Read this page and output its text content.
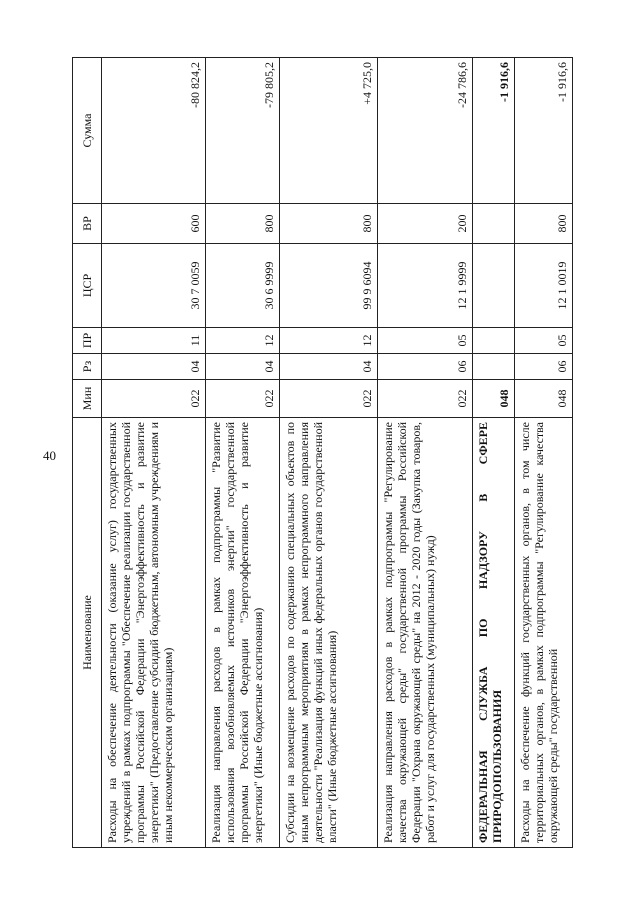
40
Наименование	Мин	Рз	ПР	ЦСР	ВР	Сумма
Расходы на обеспечение деятельности (оказание услуг) государственных учреждений в рамках подпрограммы "Обеспечение реализации государственной программы Российской Федерации "Энергоэффективность и развитие энергетики" (Предоставление субсидий бюджетным, автономным учреждениям и иным некоммерческим организациям)	022	04	11	30 7 0059	600	-80 824,2
Реализация направления расходов в рамках подпрограммы "Развитие использования возобновляемых источников энергии" государственной программы Российской Федерации "Энергоэффективность и развитие энергетики" (Иные бюджетные ассигнования)	022	04	12	30 6 9999	800	-79 805,2
Субсидии на возмещение расходов по содержанию специальных объектов по иным непрограммным мероприятиям в рамках непрограммного направления деятельности "Реализация функций иных федеральных органов государственной власти" (Иные бюджетные ассигнования)	022	04	12	99 9 6094	800	+4 725,0
Реализация направления расходов в рамках подпрограммы "Регулирование качества окружающей среды" государственной программы Российской Федерации "Охрана окружающей среды" на 2012 - 2020 годы (Закупка товаров, работ и услуг для государственных (муниципальных) нужд)	022	06	05	12 1 9999	200	-24 786,6
ФЕДЕРАЛЬНАЯ СЛУЖБА ПО НАДЗОРУ В СФЕРЕ ПРИРОДОПОЛЬЗОВАНИЯ	048					-1 916,6
Расходы на обеспечение функций государственных органов, в том числе территориальных органов, в рамках подпрограммы "Регулирование качества окружающей среды" государственной	048	06	05	12 1 0019	800	-1 916,6
